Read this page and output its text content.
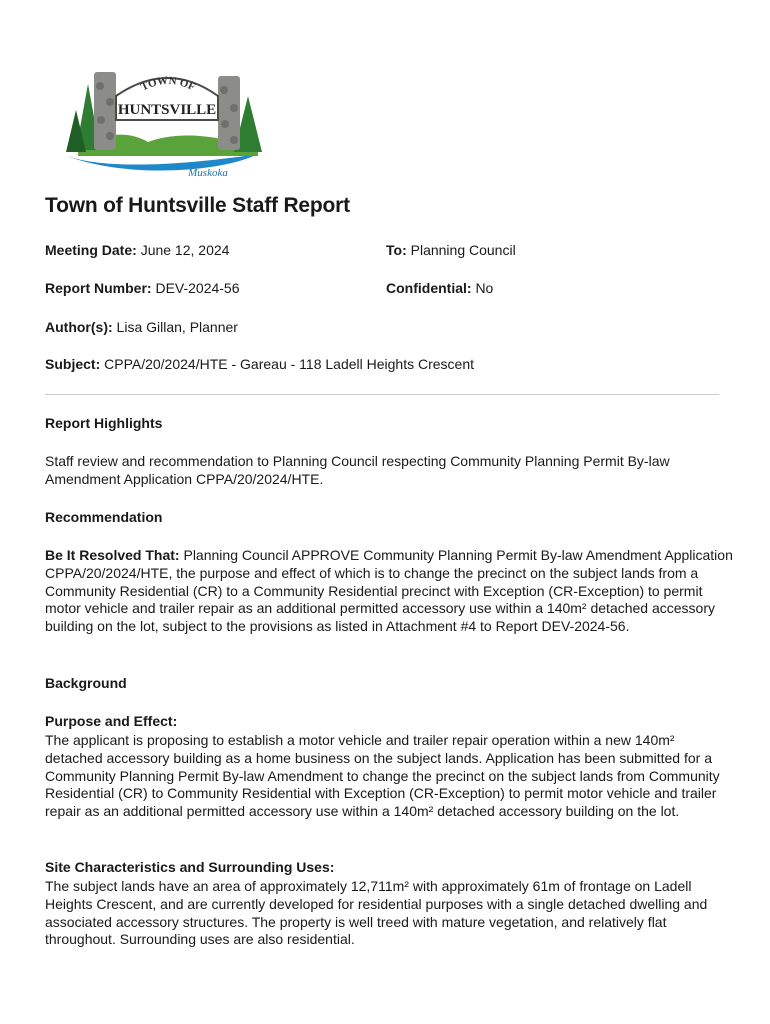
TOWN OF
HUNTSVILLE
Muskoka
Town of Huntsville Staff Report
Meeting Date: June 12, 2024	To: Planning Council
Report Number: DEV-2024-56	Confidential: No
Author(s): Lisa Gillan, Planner
Subject: CPPA/20/2024/HTE - Gareau - 118 Ladell Heights Crescent
Report Highlights

Staff review and recommendation to Planning Council respecting Community Planning Permit By-law Amendment Application CPPA/20/2024/HTE.

Recommendation

Be It Resolved That: Planning Council APPROVE Community Planning Permit By-law Amendment Application CPPA/20/2024/HTE, the purpose and effect of which is to change the precinct on the subject lands from a Community Residential (CR) to a Community Residential precinct with Exception (CR-Exception) to permit motor vehicle and trailer repair as an additional permitted accessory use within a 140m² detached accessory building on the lot, subject to the provisions as listed in Attachment #4 to Report DEV-2024-56.

Background
Purpose and Effect:

The applicant is proposing to establish a motor vehicle and trailer repair operation within a new 140m² detached accessory building as a home business on the subject lands. Application has been submitted for a Community Planning Permit By-law Amendment to change the precinct on the subject lands from Community Residential (CR) to Community Residential with Exception (CR-Exception) to permit motor vehicle and trailer repair as an additional permitted accessory use within a 140m² detached accessory building on the lot.

Site Characteristics and Surrounding Uses:

The subject lands have an area of approximately 12,711m² with approximately 61m of frontage on Ladell Heights Crescent, and are currently developed for residential purposes with a single detached dwelling and associated accessory structures. The property is well treed with mature vegetation, and relatively flat throughout. Surrounding uses are also residential.
